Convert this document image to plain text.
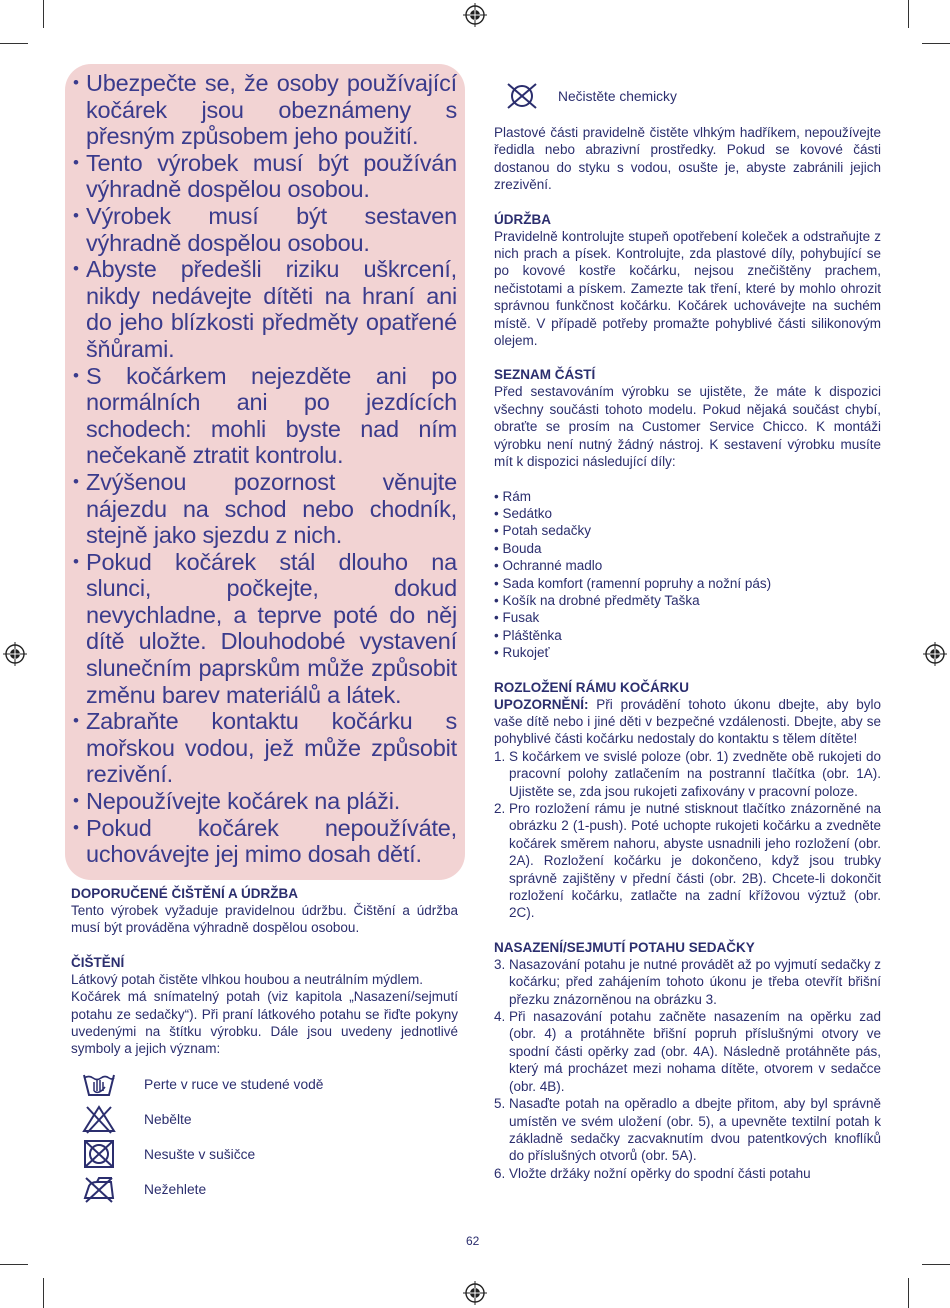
• Ubezpečte se, že osoby používající kočárek jsou obeznámeny s přesným způsobem jeho použití.
• Tento výrobek musí být používán výhradně dospělou osobou.
• Výrobek musí být sestaven výhradně dospělou osobou.
• Abyste předešli riziku uškrcení, nikdy nedávejte dítěti na hraní ani do jeho blízkosti předměty opatřené šňůrami.
• S kočárkem nejezděte ani po normálních ani po jezdících schodech: mohli byste nad ním nečekaně ztratit kontrolu.
• Zvýšenou pozornost věnujte nájezdu na schod nebo chodník, stejně jako sjezdu z nich.
• Pokud kočárek stál dlouho na slunci, počkejte, dokud nevychladne, a teprve poté do něj dítě uložte. Dlouhodobé vystavení slunečním paprskům může způsobit změnu barev materiálů a látek.
• Zabraňte kontaktu kočárku s mořskou vodou, jež může způsobit rezivění.
• Nepoužívejte kočárek na pláži.
• Pokud kočárek nepoužíváte, uchovávejte jej mimo dosah dětí.
DOPORUČENÉ ČIŠTĚNÍ A ÚDRŽBA

Tento výrobek vyžaduje pravidelnou údržbu. Čištění a údržba musí být prováděna výhradně dospělou osobou.

ČIŠTĚNÍ

Látkový potah čistěte vlhkou houbou a neutrálním mýdlem.

Kočárek má snímatelný potah (viz kapitola „Nasazení/sejmutí potahu ze sedačky“). Při praní látkového potahu se řiďte pokyny uvedenými na štítku výrobku. Dále jsou uvedeny jednotlivé symboly a jejich význam:

Perte v ruce ve studené vodě
Nebělte
Nesušte v sušičce
Nežehlete
Nečistěte chemicky

Plastové části pravidelně čistěte vlhkým hadříkem, nepoužívejte ředidla nebo abrazivní prostředky. Pokud se kovové části dostanou do styku s vodou, osušte je, abyste zabránili jejich zrezivění.

ÚDRŽBA

Pravidelně kontrolujte stupeň opotřebení koleček a odstraňujte z nich prach a písek. Kontrolujte, zda plastové díly, pohybující se po kovové kostře kočárku, nejsou znečištěny prachem, nečistotami a pískem. Zamezte tak tření, které by mohlo ohrozit správnou funkčnost kočárku. Kočárek uchovávejte na suchém místě. V případě potřeby promažte pohyblivé části silikonovým olejem.

SEZNAM ČÁSTÍ

Před sestavováním výrobku se ujistěte, že máte k dispozici všechny součásti tohoto modelu. Pokud nějaká součást chybí, obraťte se prosím na Customer Service Chicco. K montáži výrobku není nutný žádný nástroj. K sestavení výrobku musíte mít k dispozici následující díly:

• Rám
• Sedátko
• Potah sedačky
• Bouda
• Ochranné madlo
• Sada komfort (ramenní popruhy a nožní pás)
• Košík na drobné předměty Taška
• Fusak
• Pláštěnka
• Rukojeť
ROZLOŽENÍ RÁMU KOČÁRKU

UPOZORNĚNÍ: Při provádění tohoto úkonu dbejte, aby bylo vaše dítě nebo i jiné děti v bezpečné vzdálenosti. Dbejte, aby se pohyblivé části kočárku nedostaly do kontaktu s tělem dítěte!

1. S kočárkem ve svislé poloze (obr. 1) zvedněte obě rukojeti do pracovní polohy zatlačením na postranní tlačítka (obr. 1A). Ujistěte se, zda jsou rukojeti zafixovány v pracovní poloze.
2. Pro rozložení rámu je nutné stisknout tlačítko znázorněné na obrázku 2 (1-push). Poté uchopte rukojeti kočárku a zvedněte kočárek směrem nahoru, abyste usnadnili jeho rozložení (obr. 2A). Rozložení kočárku je dokončeno, když jsou trubky správně zajištěny v přední části (obr. 2B). Chcete-li dokončit rozložení kočárku, zatlačte na zadní křížovou výztuž (obr. 2C).
NASAZENÍ/SEJMUTÍ POTAHU SEDAČKY
3. Nasazování potahu je nutné provádět až po vyjmutí sedačky z kočárku; před zahájením tohoto úkonu je třeba otevřít břišní přezku znázorněnou na obrázku 3.
4. Při nasazování potahu začněte nasazením na opěrku zad (obr. 4) a protáhněte břišní popruh příslušnými otvory ve spodní části opěrky zad (obr. 4A). Následně protáhněte pás, který má procházet mezi nohama dítěte, otvorem v sedačce (obr. 4B).
5. Nasaďte potah na opěradlo a dbejte přitom, aby byl správně umístěn ve svém uložení (obr. 5), a upevněte textilní potah k základně sedačky zacvaknutím dvou patentkových knoflíků do příslušných otvorů (obr. 5A).
6. Vložte držáky nožní opěrky do spodní části potahu
62
